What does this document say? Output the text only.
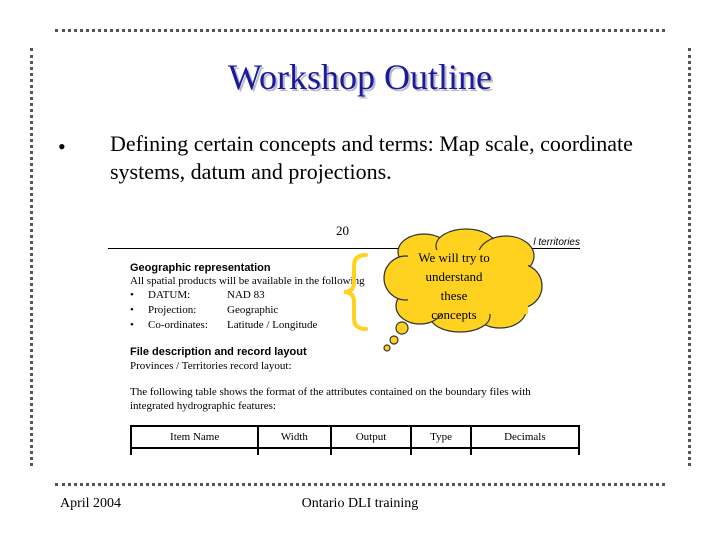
Workshop Outline
• Defining certain concepts and terms: Map scale, coordinate systems, datum and projections.
20
l territories
Geographic representation
All spatial products will be available in the following
• DATUM:	NAD 83
• Projection:	Geographic
• Co-ordinates: Latitude / Longitude
File description and record layout
Provinces / Territories record layout:
The following table shows the format of the attributes contained on the boundary files with
integrated hydrographic features:
Item Name	Width	Output	Type	Decimals

We will try to
understand
these
concepts
April 2004	Ontario DLI training
